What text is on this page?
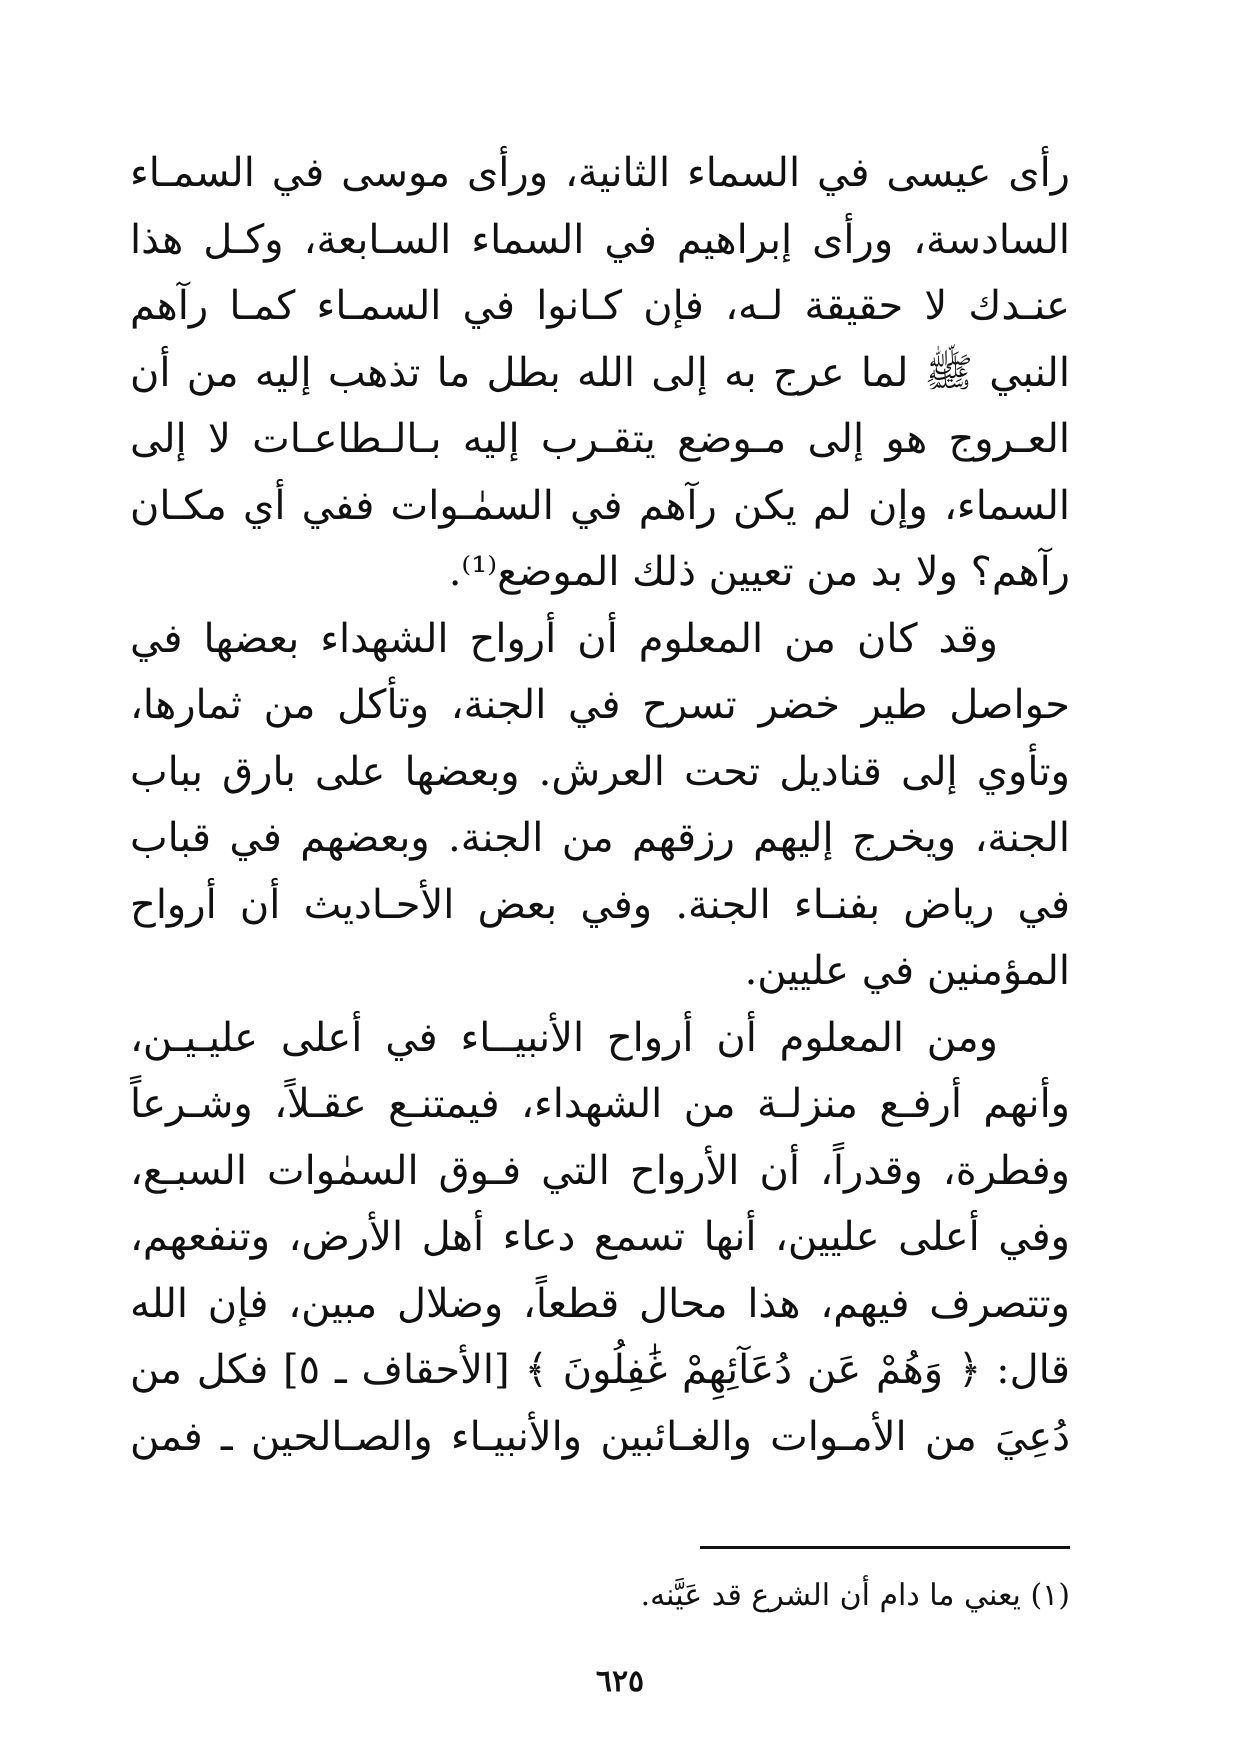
رأى عيسى في السماء الثانية، ورأى موسى في السمـاء
السادسة، ورأى إبراهيم في السماء السـابعة، وكـل هذا
عنـدك لا حقيقة لـه، فإن كـانوا في السمـاء كمـا رآهم
النبي ﷺ لما عرج به إلى الله بطل ما تذهب إليه من أن
العـروج هو إلى مـوضع يتقـرب إليه بـالـطاعـات لا إلى
السماء، وإن لم يكن رآهم في السمٰـوات ففي أي مكـان
رآهم؟ ولا بد من تعيين ذلك الموضع⁽¹⁾.
وقد كان من المعلوم أن أرواح الشهداء بعضها في
حواصل طير خضر تسرح في الجنة، وتأكل من ثمارها،
وتأوي إلى قناديل تحت العرش. وبعضها على بارق بباب
الجنة، ويخرج إليهم رزقهم من الجنة. وبعضهم في قباب
في رياض بفنـاء الجنة. وفي بعض الأحـاديث أن أرواح
المؤمنين في عليين.
ومن المعلوم أن أرواح الأنبيــاء في أعلى عليـيـن،
وأنهم أرفـع منزلـة من الشهداء، فيمتنـع عقـلاً، وشـرعاً
وفطرة، وقدراً، أن الأرواح التي فـوق السمٰوات السبـع،
وفي أعلى عليين، أنها تسمع دعاء أهل الأرض، وتنفعهم،
وتتصرف فيهم، هذا محال قطعاً، وضلال مبين، فإن الله
قال: ﴿ وَهُمْ عَن دُعَآئِهِمْ غَٰفِلُونَ ﴾ [الأحقاف ـ ٥] فكل من
دُعِيَ من الأمـوات والغـائبين والأنبيـاء والصـالحين ـ فمن
(١) يعني ما دام أن الشرع قد عَيَّنه.
٦٢٥
